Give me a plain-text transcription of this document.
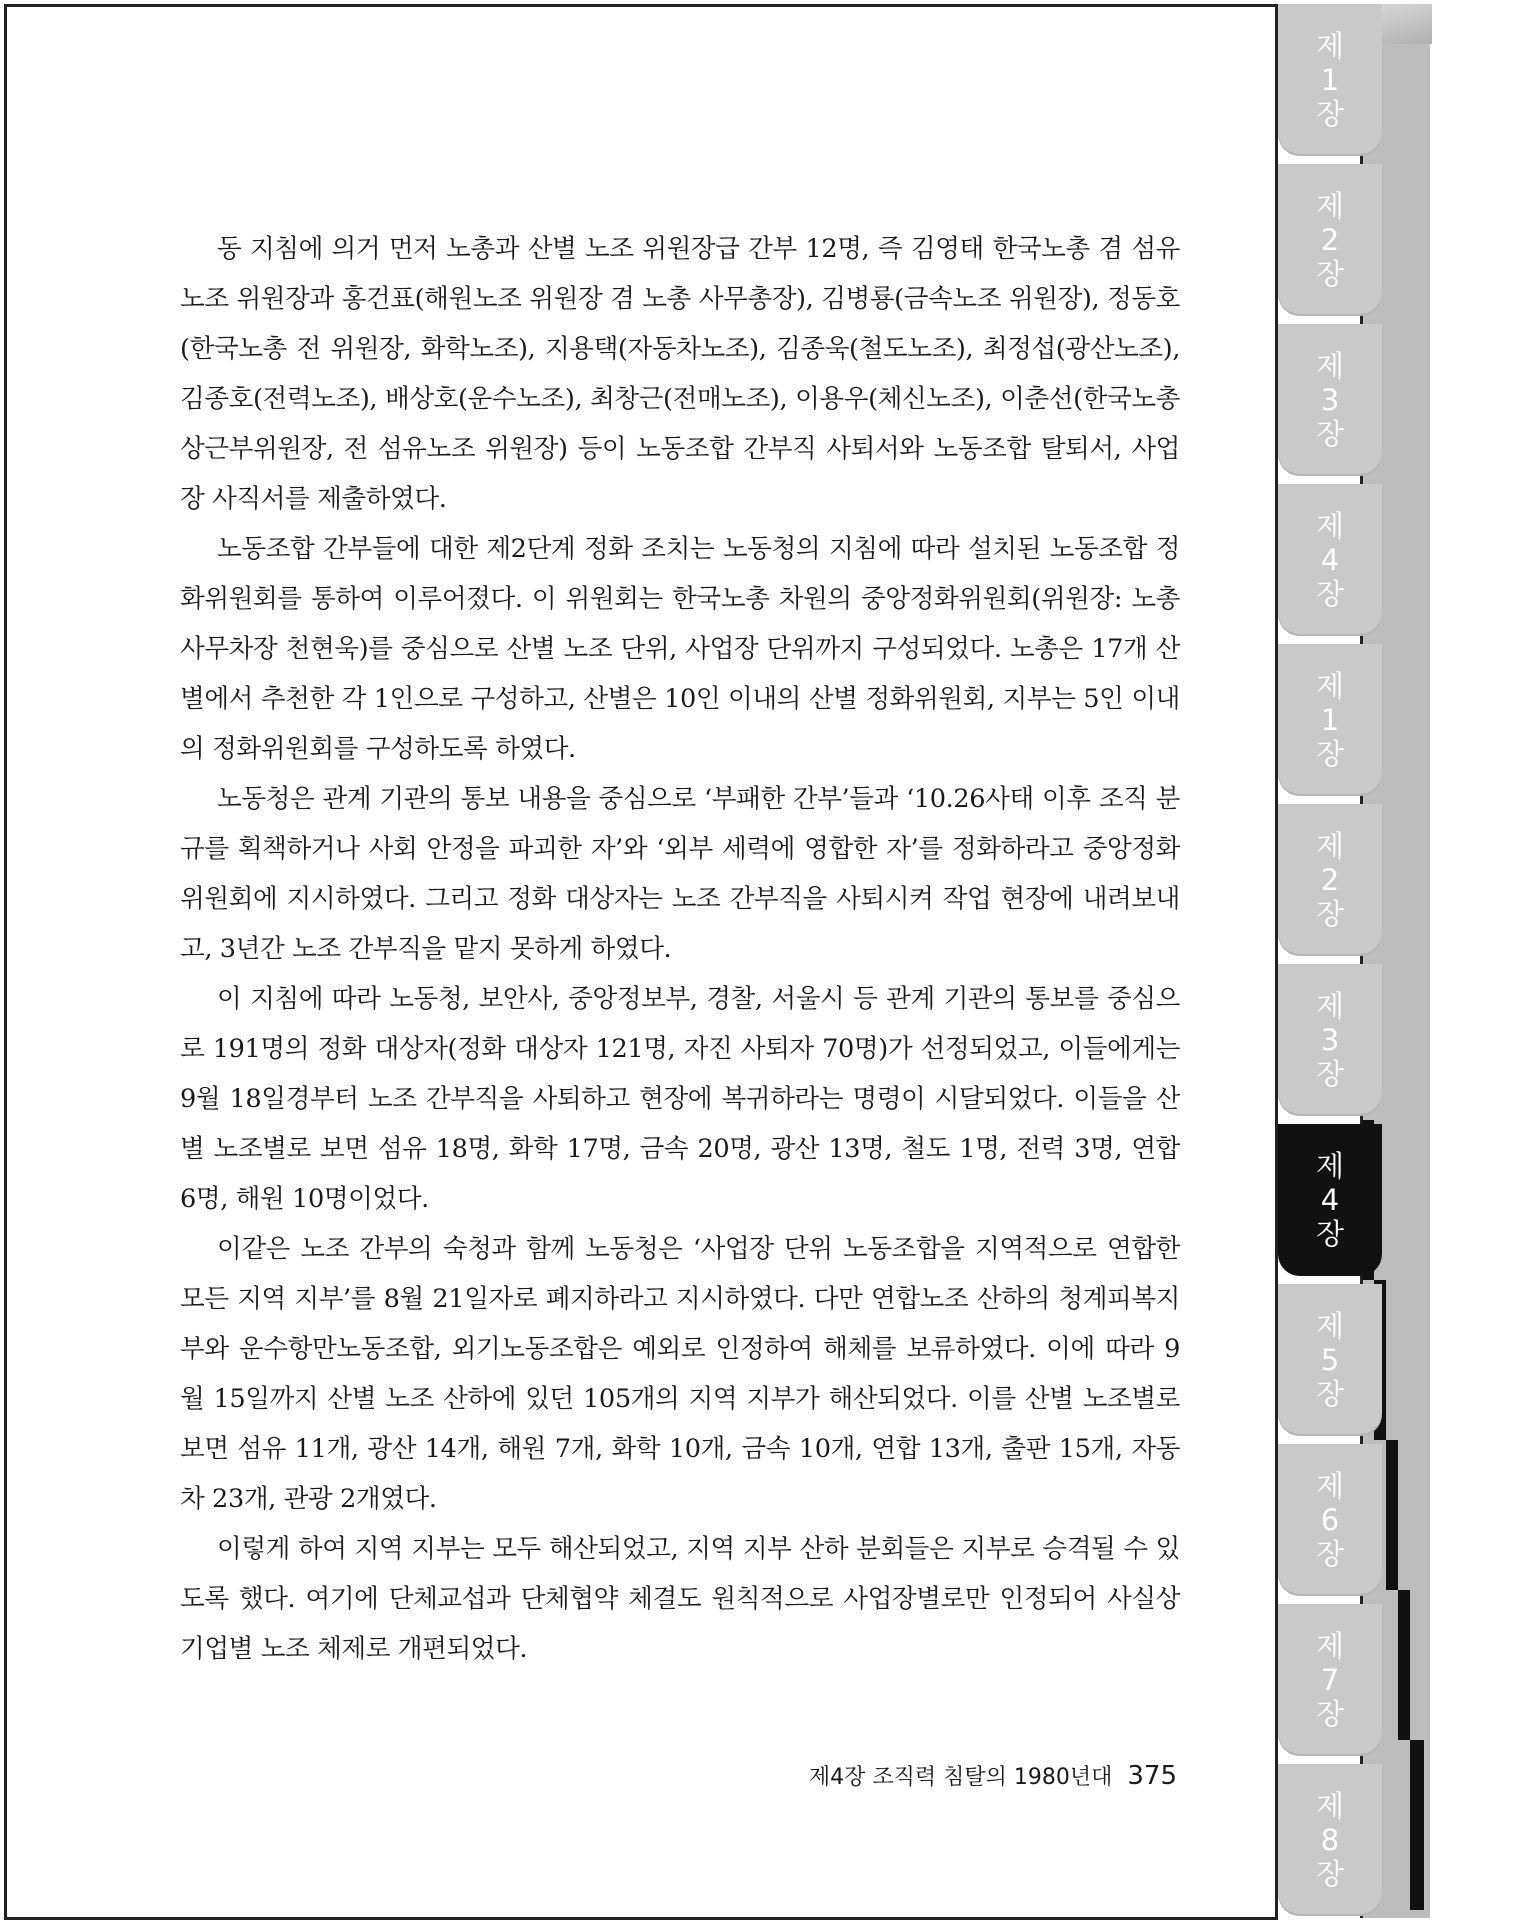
제
1
장
제
2
장
제
3
장
제
4
장
제
1
장
제
2
장
제
3
장
제
4
장
제
5
장
제
6
장
제
7
장
제
8
장

동 지침에 의거 먼저 노총과 산별 노조 위원장급 간부 12명, 즉 김영태 한국노총 겸 섬유노조 위원장과 홍건표(해원노조 위원장 겸 노총 사무총장), 김병룡(금속노조 위원장), 정동호(한국노총 전 위원장, 화학노조), 지용택(자동차노조), 김종욱(철도노조), 최정섭(광산노조), 김종호(전력노조), 배상호(운수노조), 최창근(전매노조), 이용우(체신노조), 이춘선(한국노총 상근부위원장, 전 섬유노조 위원장) 등이 노동조합 간부직 사퇴서와 노동조합 탈퇴서, 사업장 사직서를 제출하였다.

노동조합 간부들에 대한 제2단계 정화 조치는 노동청의 지침에 따라 설치된 노동조합 정화위원회를 통하여 이루어졌다. 이 위원회는 한국노총 차원의 중앙정화위원회(위원장: 노총 사무차장 천현욱)를 중심으로 산별 노조 단위, 사업장 단위까지 구성되었다. 노총은 17개 산별에서 추천한 각 1인으로 구성하고, 산별은 10인 이내의 산별 정화위원회, 지부는 5인 이내의 정화위원회를 구성하도록 하였다.

노동청은 관계 기관의 통보 내용을 중심으로 ‘부패한 간부’들과 ‘10.26사태 이후 조직 분규를 획책하거나 사회 안정을 파괴한 자’와 ‘외부 세력에 영합한 자’를 정화하라고 중앙정화위원회에 지시하였다. 그리고 정화 대상자는 노조 간부직을 사퇴시켜 작업 현장에 내려보내고, 3년간 노조 간부직을 맡지 못하게 하였다.

이 지침에 따라 노동청, 보안사, 중앙정보부, 경찰, 서울시 등 관계 기관의 통보를 중심으로 191명의 정화 대상자(정화 대상자 121명, 자진 사퇴자 70명)가 선정되었고, 이들에게는 9월 18일경부터 노조 간부직을 사퇴하고 현장에 복귀하라는 명령이 시달되었다. 이들을 산별 노조별로 보면 섬유 18명, 화학 17명, 금속 20명, 광산 13명, 철도 1명, 전력 3명, 연합 6명, 해원 10명이었다.

이같은 노조 간부의 숙청과 함께 노동청은 ‘사업장 단위 노동조합을 지역적으로 연합한 모든 지역 지부’를 8월 21일자로 폐지하라고 지시하였다. 다만 연합노조 산하의 청계피복지부와 운수항만노동조합, 외기노동조합은 예외로 인정하여 해체를 보류하였다. 이에 따라 9월 15일까지 산별 노조 산하에 있던 105개의 지역 지부가 해산되었다. 이를 산별 노조별로 보면 섬유 11개, 광산 14개, 해원 7개, 화학 10개, 금속 10개, 연합 13개, 출판 15개, 자동차 23개, 관광 2개였다.

이렇게 하여 지역 지부는 모두 해산되었고, 지역 지부 산하 분회들은 지부로 승격될 수 있도록 했다. 여기에 단체교섭과 단체협약 체결도 원칙적으로 사업장별로만 인정되어 사실상 기업별 노조 체제로 개편되었다.

제4장 조직력 침탈의 1980년대 375
